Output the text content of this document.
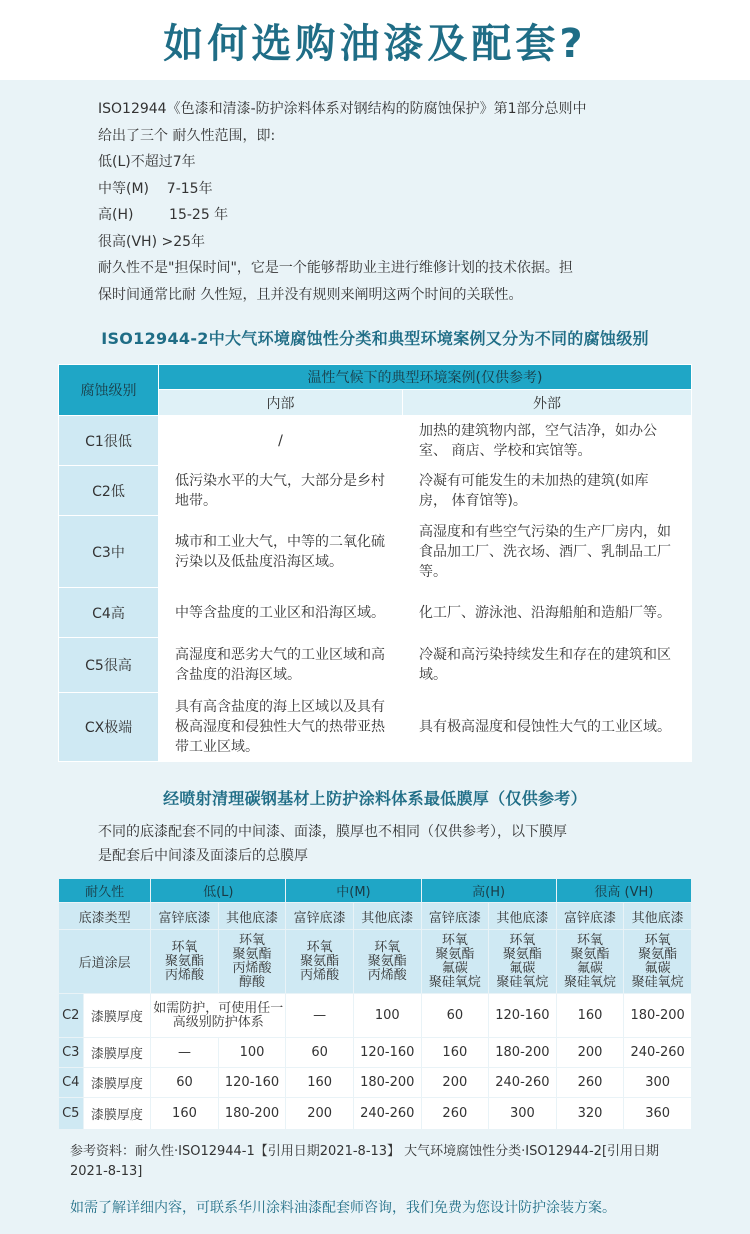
如何选购油漆及配套?

ISO12944《色漆和清漆-防护涂料体系对钢结构的防腐蚀保护》第1部分总则中

给出了三个 耐久性范围，即:

低(L)不超过7年

中等(M)    7-15年

高(H)        15-25 年

很高(VH) >25年

耐久性不是"担保时间"，它是一个能够帮助业主进行维修计划的技术依据。担

保时间通常比耐 久性短，且并没有规则来阐明这两个时间的关联性。

ISO12944-2中大气环境腐蚀性分类和典型环境案例又分为不同的腐蚀级别
腐蚀级别	温性气候下的典型环境案例(仅供参考)	
	内部	外部
C1很低	/	加热的建筑物内部，空气洁净，如办公室、 商店、学校和宾馆等。
C2低	低污染水平的大气，大部分是乡村地带。	冷凝有可能发生的未加热的建筑(如库房， 体育馆等)。
C3中	城市和工业大气，中等的二氧化硫污染以及低盐度沿海区域。	高湿度和有些空气污染的生产厂房内，如食品加工厂、洗衣场、酒厂、乳制品工厂等。
C4高	中等含盐度的工业区和沿海区域。	化工厂、游泳池、沿海船舶和造船厂等。
C5很高	高湿度和恶劣大气的工业区域和高含盐度的沿海区域。	冷凝和高污染持续发生和存在的建筑和区域。
CX极端	具有高含盐度的海上区域以及具有极高湿度和侵独性大气的热带亚热带工业区域。	具有极高湿度和侵蚀性大气的工业区域。
经喷射清理碳钢基材上防护涂料体系最低膜厚（仅供参考）
不同的底漆配套不同的中间漆、面漆，膜厚也不相同（仅供参考），以下膜厚
是配套后中间漆及面漆后的总膜厚
耐久性		低(L)		中(M)		高(H)		很高 (VH)	
底漆类型		富锌底漆	其他底漆	富锌底漆	其他底漆	富锌底漆	其他底漆	富锌底漆	其他底漆
后道涂层		环氧
聚氨酯
丙烯酸	环氧
聚氨酯
丙烯酸
醇酸	环氧
聚氨酯
丙烯酸	环氧
聚氨酯
丙烯酸	环氧
聚氨酯
氟碳
聚硅氧烷	环氧
聚氨酯
氟碳
聚硅氧烷	环氧
聚氨酯
氟碳
聚硅氧烷	环氧
聚氨酯
氟碳
聚硅氧烷
C2	漆膜厚度	如需防护，可使用任一高级别防护体系		—	100	60	120-160	160	180-200
C3	漆膜厚度	—	100	60	120-160	160	180-200	200	240-260
C4	漆膜厚度	60	120-160	160	180-200	200	240-260	260	300
C5	漆膜厚度	160	180-200	200	240-260	260	300	320	360
参考资料：耐久性·ISO12944-1【引用日期2021-8-13】 大气环境腐蚀性分类·ISO12944-2[引用日期 2021-8-13]
如需了解详细内容，可联系华川涂料油漆配套师咨询，我们免费为您设计防护涂装方案。
